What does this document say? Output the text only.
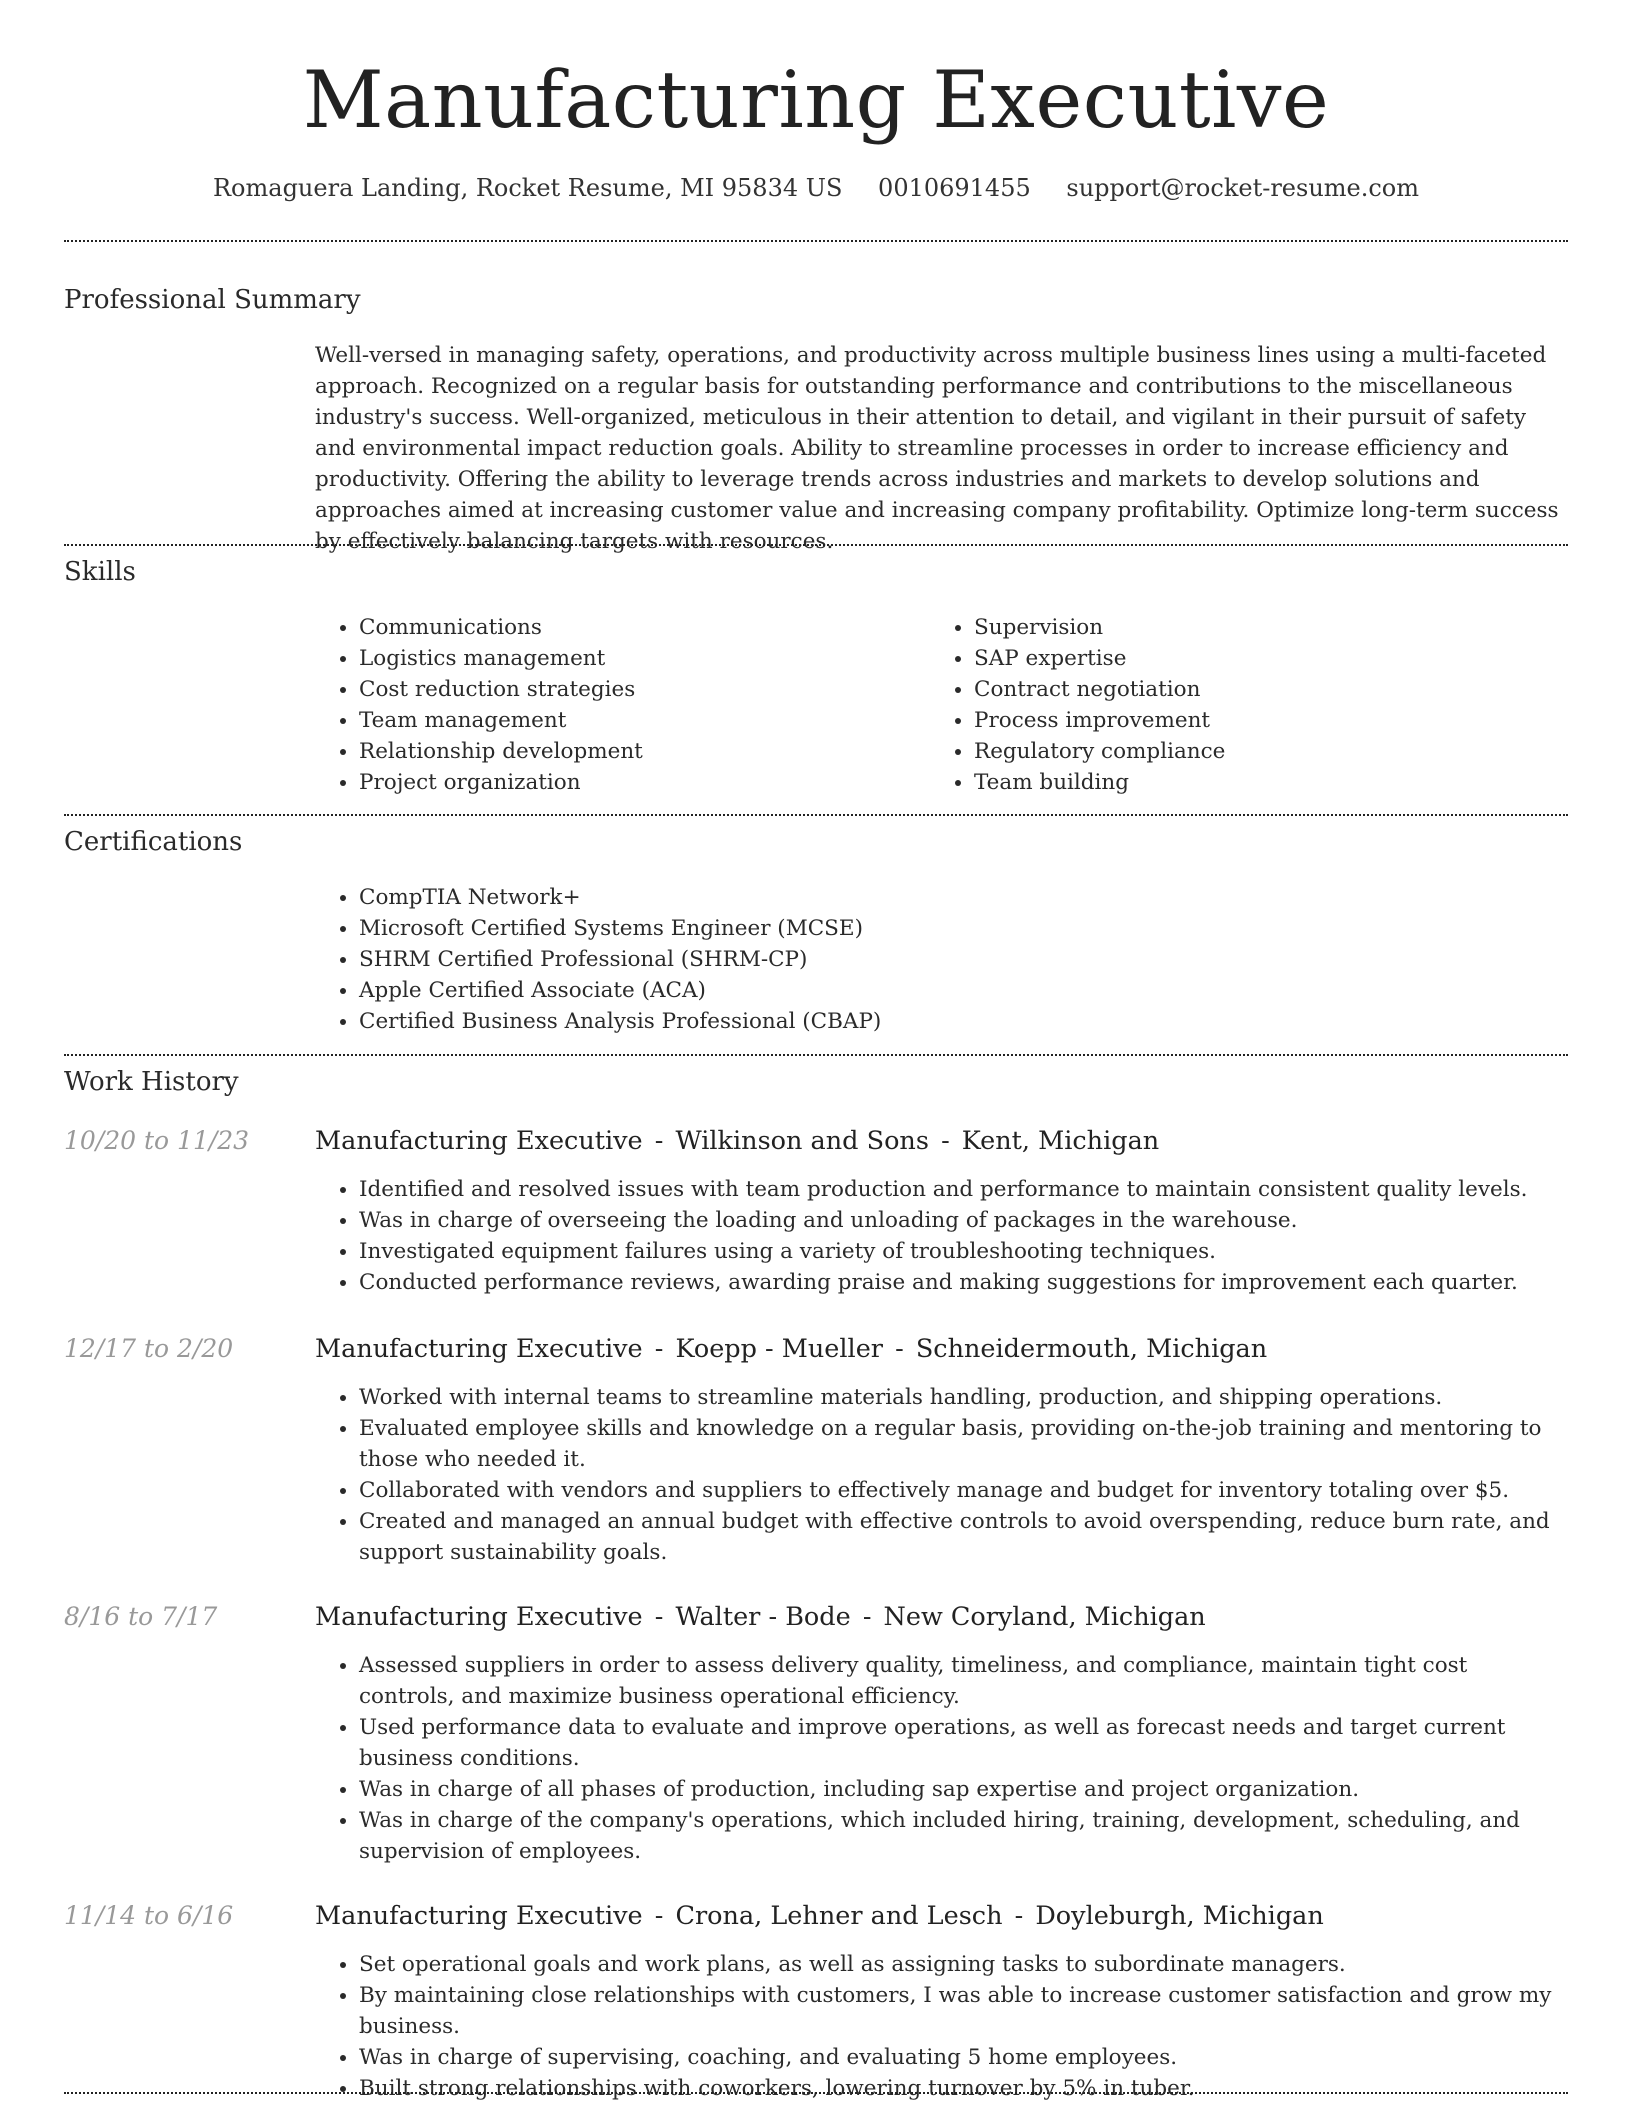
Manufacturing Executive
Romaguera Landing, Rocket Resume, MI 95834 US 0010691455 support@rocket-resume.com
Professional Summary

Well-versed in managing safety, operations, and productivity across multiple business lines using a multi-faceted approach. Recognized on a regular basis for outstanding performance and contributions to the miscellaneous industry's success. Well-organized, meticulous in their attention to detail, and vigilant in their pursuit of safety and environmental impact reduction goals. Ability to streamline processes in order to increase efficiency and productivity. Offering the ability to leverage trends across industries and markets to develop solutions and approaches aimed at increasing customer value and increasing company profitability. Optimize long-term success by effectively balancing targets with resources.

Skills
• Communications
• Logistics management
• Cost reduction strategies
• Team management
• Relationship development
• Project organization
• Supervision
• SAP expertise
• Contract negotiation
• Process improvement
• Regulatory compliance
• Team building
Certifications
• CompTIA Network+
• Microsoft Certified Systems Engineer (MCSE)
• SHRM Certified Professional (SHRM-CP)
• Apple Certified Associate (ACA)
• Certified Business Analysis Professional (CBAP)
Work History
10/20 to 11/23	Manufacturing Executive - Wilkinson and Sons - Kent, Michigan
• Identified and resolved issues with team production and performance to maintain consistent quality levels.
• Was in charge of overseeing the loading and unloading of packages in the warehouse.
• Investigated equipment failures using a variety of troubleshooting techniques.
• Conducted performance reviews, awarding praise and making suggestions for improvement each quarter.
12/17 to 2/20	Manufacturing Executive - Koepp - Mueller - Schneidermouth, Michigan
• Worked with internal teams to streamline materials handling, production, and shipping operations.
• Evaluated employee skills and knowledge on a regular basis, providing on-the-job training and mentoring to those who needed it.
• Collaborated with vendors and suppliers to effectively manage and budget for inventory totaling over $5.
• Created and managed an annual budget with effective controls to avoid overspending, reduce burn rate, and support sustainability goals.
8/16 to 7/17	Manufacturing Executive - Walter - Bode - New Coryland, Michigan
• Assessed suppliers in order to assess delivery quality, timeliness, and compliance, maintain tight cost controls, and maximize business operational efficiency.
• Used performance data to evaluate and improve operations, as well as forecast needs and target current business conditions.
• Was in charge of all phases of production, including sap expertise and project organization.
• Was in charge of the company's operations, which included hiring, training, development, scheduling, and supervision of employees.
11/14 to 6/16	Manufacturing Executive - Crona, Lehner and Lesch - Doyleburgh, Michigan
• Set operational goals and work plans, as well as assigning tasks to subordinate managers.
• By maintaining close relationships with customers, I was able to increase customer satisfaction and grow my business.
• Was in charge of supervising, coaching, and evaluating 5 home employees.
• Built strong relationships with coworkers, lowering turnover by 5% in tuber.
